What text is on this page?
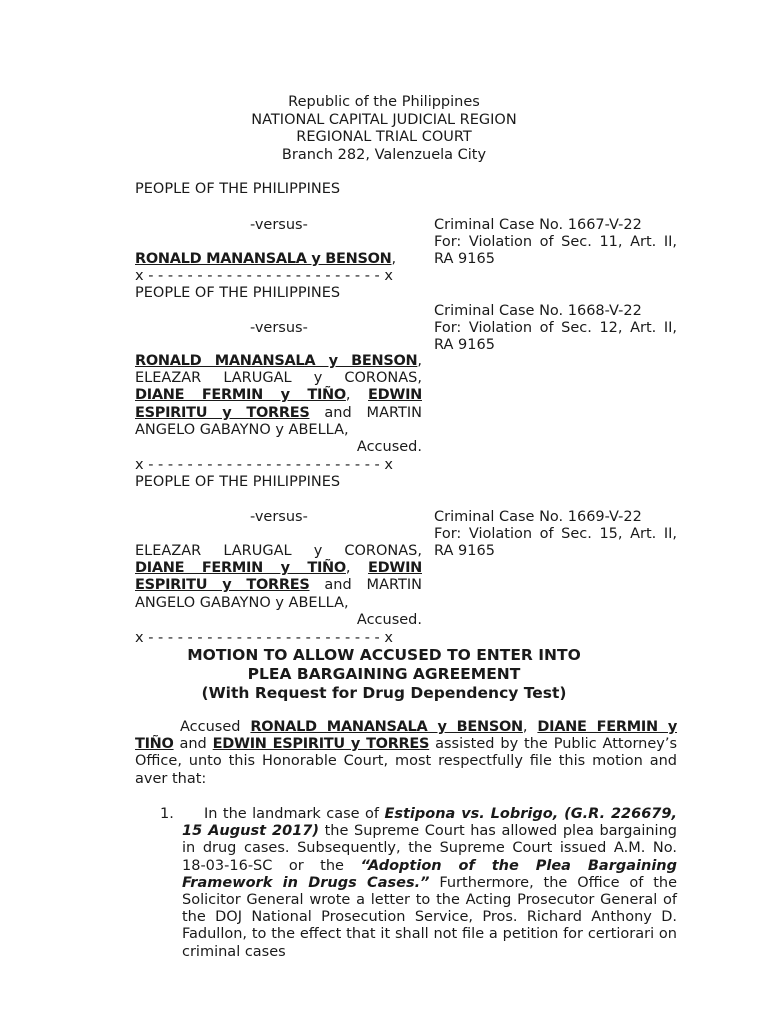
Republic of the Philippines
NATIONAL CAPITAL JUDICIAL REGION
REGIONAL TRIAL COURT
Branch 282, Valenzuela City
PEOPLE OF THE PHILIPPINES
-versus-	Criminal Case No. 1667-V-22
For: Violation of Sec. 11, Art. II,
RA 9165
RONALD MANANSALA y BENSON,
x - - - - - - - - - - - - - - - - - - - - - - - - x
PEOPLE OF THE PHILIPPINES
Criminal Case No. 1668-V-22
For: Violation of Sec. 12, Art. II,
RA 9165
-versus-
RONALD MANANSALA y BENSON,
ELEAZAR LARUGAL y CORONAS,
DIANE FERMIN y TIÑO, EDWIN
ESPIRITU y TORRES and MARTIN
ANGELO GABAYNO y ABELLA,
Accused.
x - - - - - - - - - - - - - - - - - - - - - - - - x
PEOPLE OF THE PHILIPPINES
-versus-	Criminal Case No. 1669-V-22
For: Violation of Sec. 15, Art. II,
RA 9165
ELEAZAR LARUGAL y CORONAS,
DIANE FERMIN y TIÑO, EDWIN
ESPIRITU y TORRES and MARTIN
ANGELO GABAYNO y ABELLA,
Accused.
x - - - - - - - - - - - - - - - - - - - - - - - - x
MOTION TO ALLOW ACCUSED TO ENTER INTO
PLEA BARGAINING AGREEMENT
(With Request for Drug Dependency Test)
Accused RONALD MANANSALA y BENSON, DIANE FERMIN y TIÑO and EDWIN ESPIRITU y TORRES assisted by the Public Attorney’s Office, unto this Honorable Court, most respectfully file this motion and aver that:
1.	In the landmark case of Estipona vs. Lobrigo, (G.R. 226679, 15 August 2017) the Supreme Court has allowed plea bargaining in drug cases. Subsequently, the Supreme Court issued A.M. No. 18-03-16-SC or the “Adoption of the Plea Bargaining Framework in Drugs Cases.” Furthermore, the Office of the Solicitor General wrote a letter to the Acting Prosecutor General of the DOJ National Prosecution Service, Pros. Richard Anthony D. Fadullon, to the effect that it shall not file a petition for certiorari on criminal cases
